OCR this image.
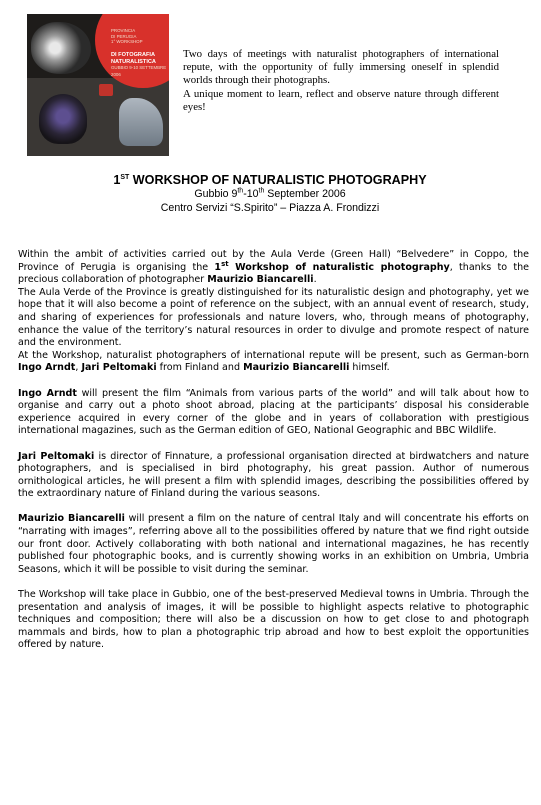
PROVINCIA
DI PERUGIA
1° WORKSHOP
DI FOTOGRAFIA
NATURALISTICA
GUBBIO 9-10 SETTEMBRE 2006

Two days of meetings with naturalist photographers of international repute, with the opportunity of fully immersing oneself in splendid worlds through their photographs.

A unique moment to learn, reflect and observe nature through different eyes!

1ST WORKSHOP OF NATURALISTIC PHOTOGRAPHY
Gubbio 9th-10th September 2006
Centro Servizi “S.Spirito” – Piazza A. Frondizzi

Within the ambit of activities carried out by the Aula Verde (Green Hall) “Belvedere” in Coppo, the Province of Perugia is organising the 1st Workshop of naturalistic photography, thanks to the precious collaboration of photographer Maurizio Biancarelli.

The Aula Verde of the Province is greatly distinguished for its naturalistic design and photography, yet we hope that it will also become a point of reference on the subject, with an annual event of research, study, and sharing of experiences for professionals and nature lovers, who, through means of photography, enhance the value of the territory’s natural resources in order to divulge and promote respect of nature and the environment.

At the Workshop, naturalist photographers of international repute will be present, such as German-born Ingo Arndt, Jari Peltomaki from Finland and Maurizio Biancarelli himself.

Ingo Arndt will present the film “Animals from various parts of the world” and will talk about how to organise and carry out a photo shoot abroad, placing at the participants’ disposal his considerable experience acquired in every corner of the globe and in years of collaboration with prestigious international magazines, such as the German edition of GEO, National Geographic and BBC Wildlife.

Jari Peltomaki is director of Finnature, a professional organisation directed at birdwatchers and nature photographers, and is specialised in bird photography, his great passion. Author of numerous ornithological articles, he will present a film with splendid images, describing the possibilities offered by the extraordinary nature of Finland during the various seasons.

Maurizio Biancarelli will present a film on the nature of central Italy and will concentrate his efforts on “narrating with images”, referring above all to the possibilities offered by nature that we find right outside our front door. Actively collaborating with both national and international magazines, he has recently published four photographic books, and is currently showing works in an exhibition on Umbria, Umbria Seasons, which it will be possible to visit during the seminar.

The Workshop will take place in Gubbio, one of the best-preserved Medieval towns in Umbria. Through the presentation and analysis of images, it will be possible to highlight aspects relative to photographic techniques and composition; there will also be a discussion on how to get close to and photograph mammals and birds, how to plan a photographic trip abroad and how to best exploit the opportunities offered by nature.
